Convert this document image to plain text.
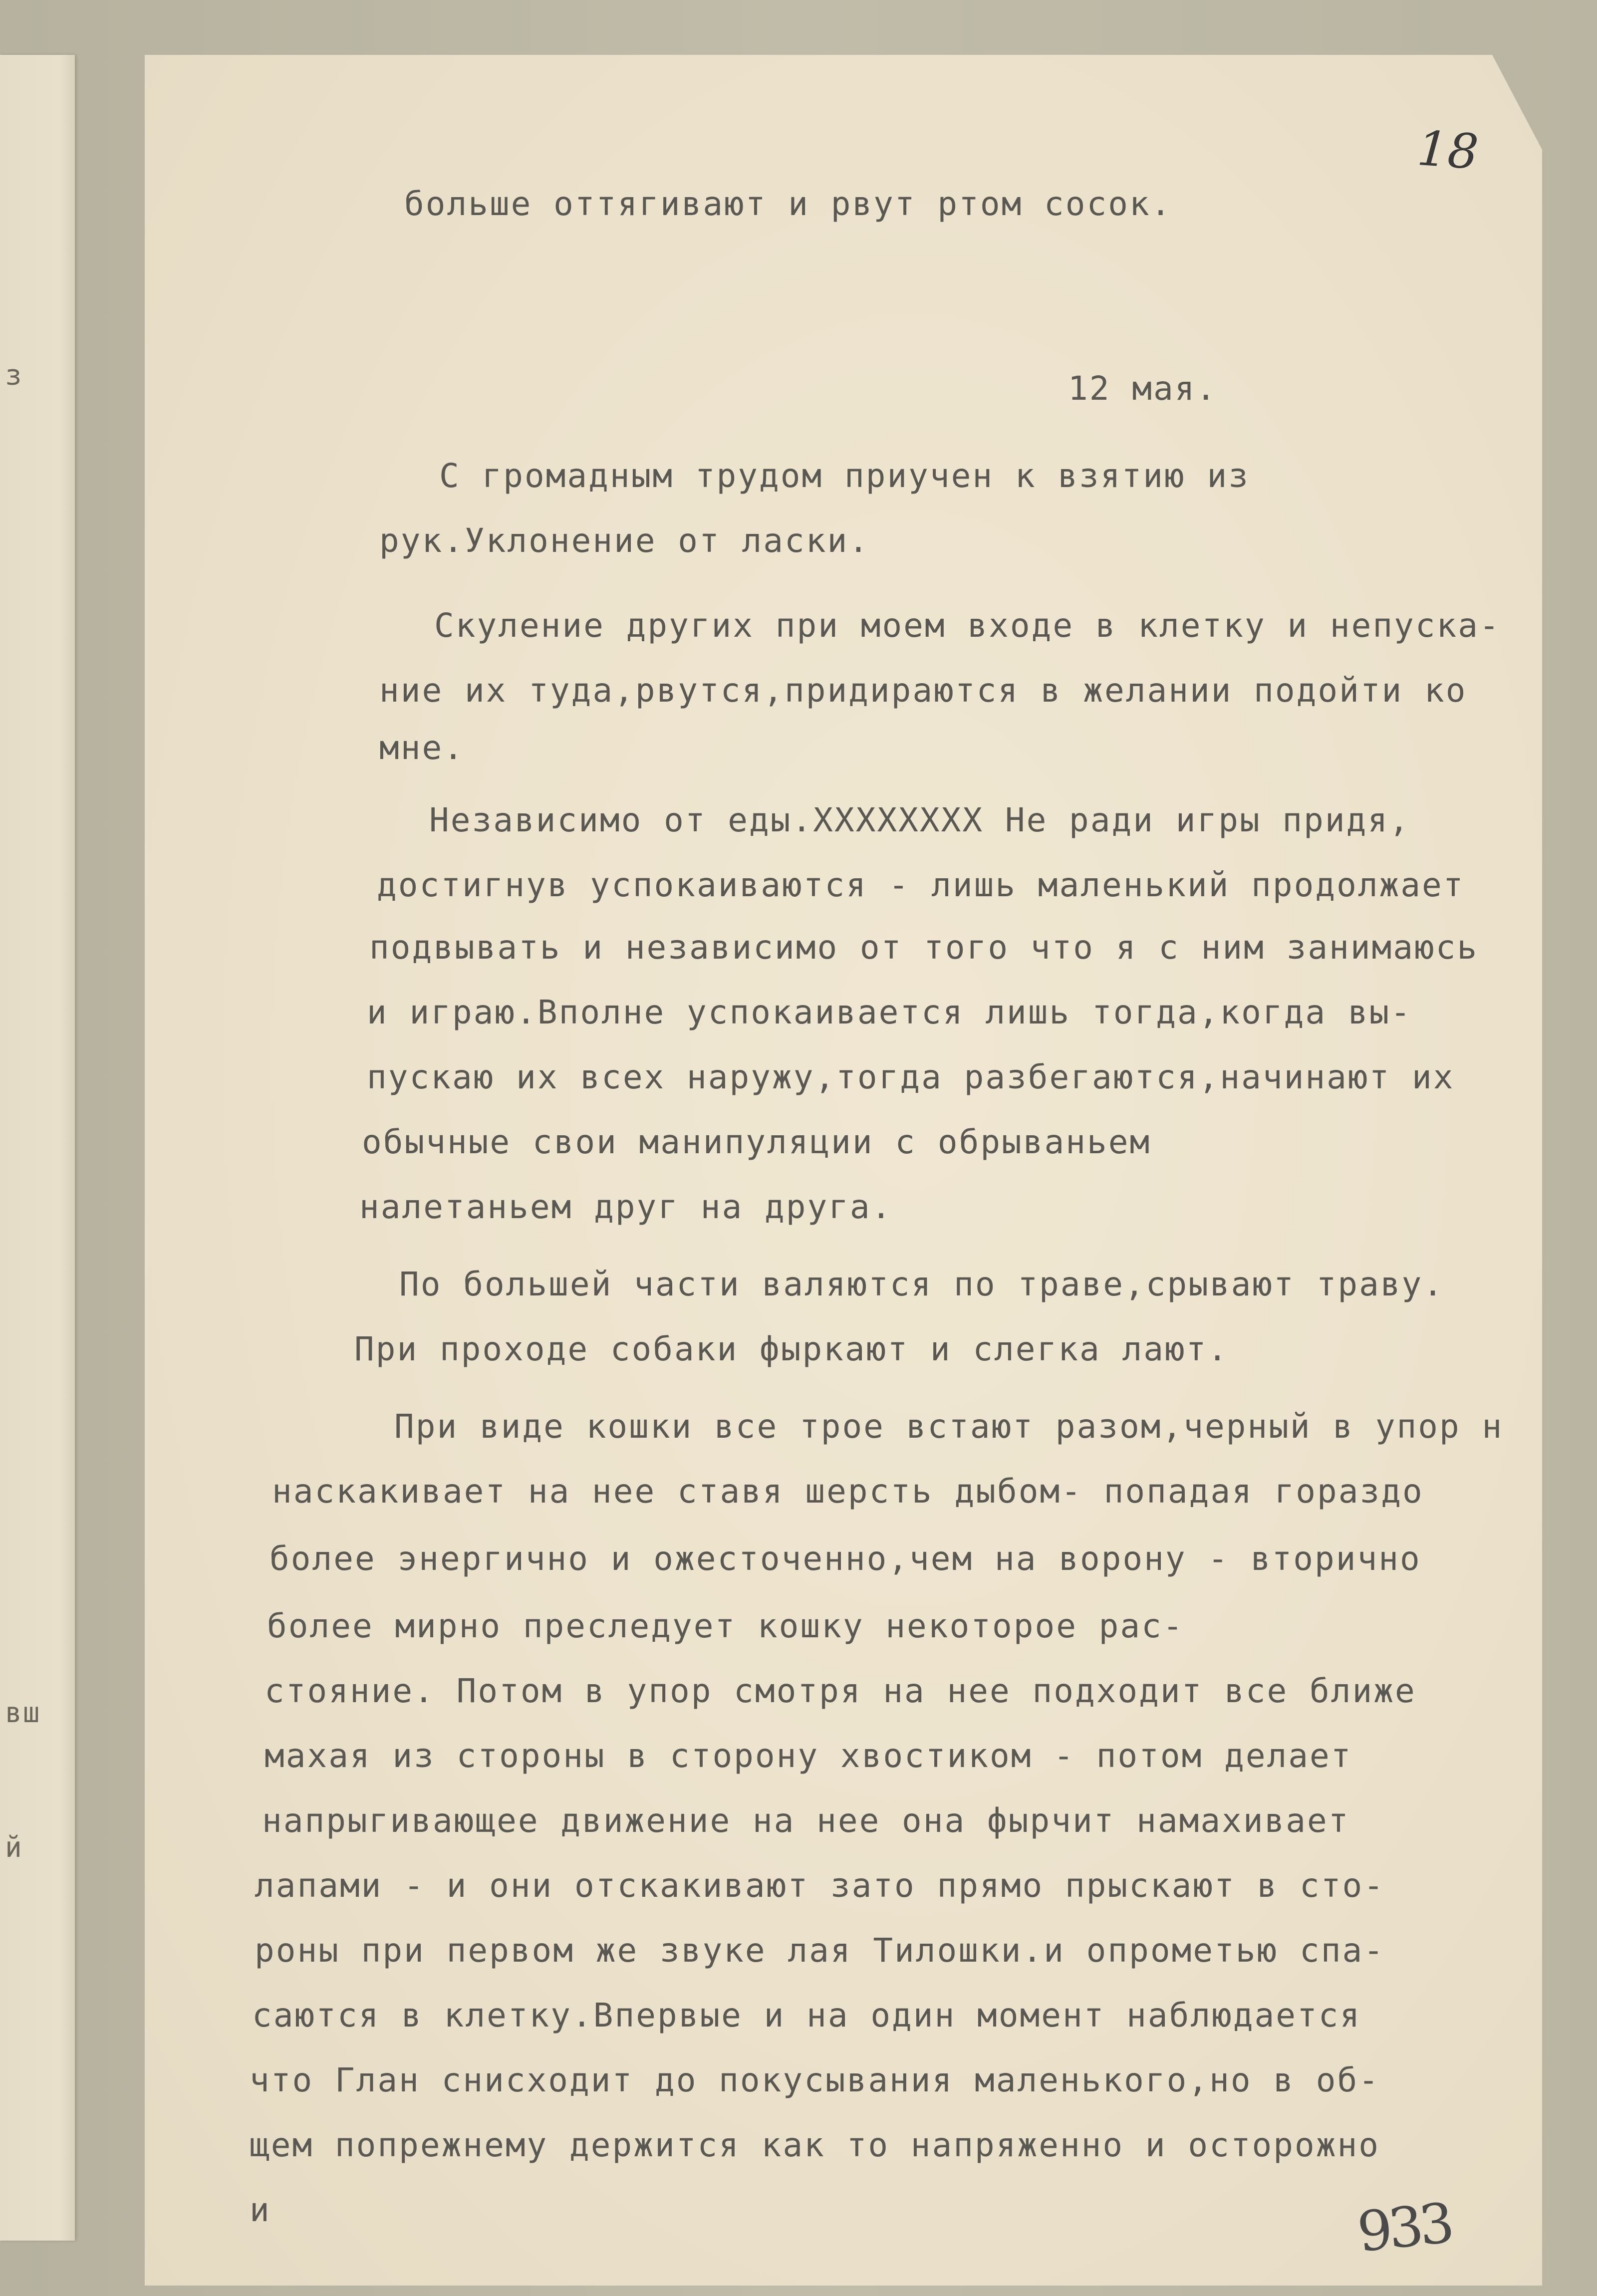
з
вш
й
18
больше оттягивают и рвут ртом сосок.
12 мая.
С громадным трудом приучен к взятию из
рук.Уклонение от ласки.
Скуление других при моем входе в клетку и непуска-
ние их туда,рвутся,придираются в желании подойти ко
мне.
Независимо от еды.XXXXXXXX Не ради игры придя,
достигнув успокаиваются - лишь маленький продолжает
подвывать и независимо от того что я с ним занимаюсь
и играю.Вполне успокаивается лишь тогда,когда вы-
пускаю их всех наружу,тогда разбегаются,начинают их
обычные свои манипуляции с обрываньем
налетаньем друг на друга.
По большей части валяются по траве,срывают траву.
При проходе собаки фыркают и слегка лают.
При виде кошки все трое встают разом,черный в упор н
наскакивает на нее ставя шерсть дыбом- попадая гораздо
более энергично и ожесточенно,чем на ворону - вторично
более мирно преследует кошку некоторое рас-
стояние. Потом в упор смотря на нее подходит все ближе
махая из стороны в сторону хвостиком - потом делает
напрыгивающее движение на нее она фырчит намахивает
лапами - и они отскакивают зато прямо прыскают в сто-
роны при первом же звуке лая Тилошки.и опрометью спа-
саются в клетку.Впервые и на один момент наблюдается
что Глан снисходит до покусывания маленького,но в об-
щем попрежнему держится как то напряженно и осторожно
и	933
